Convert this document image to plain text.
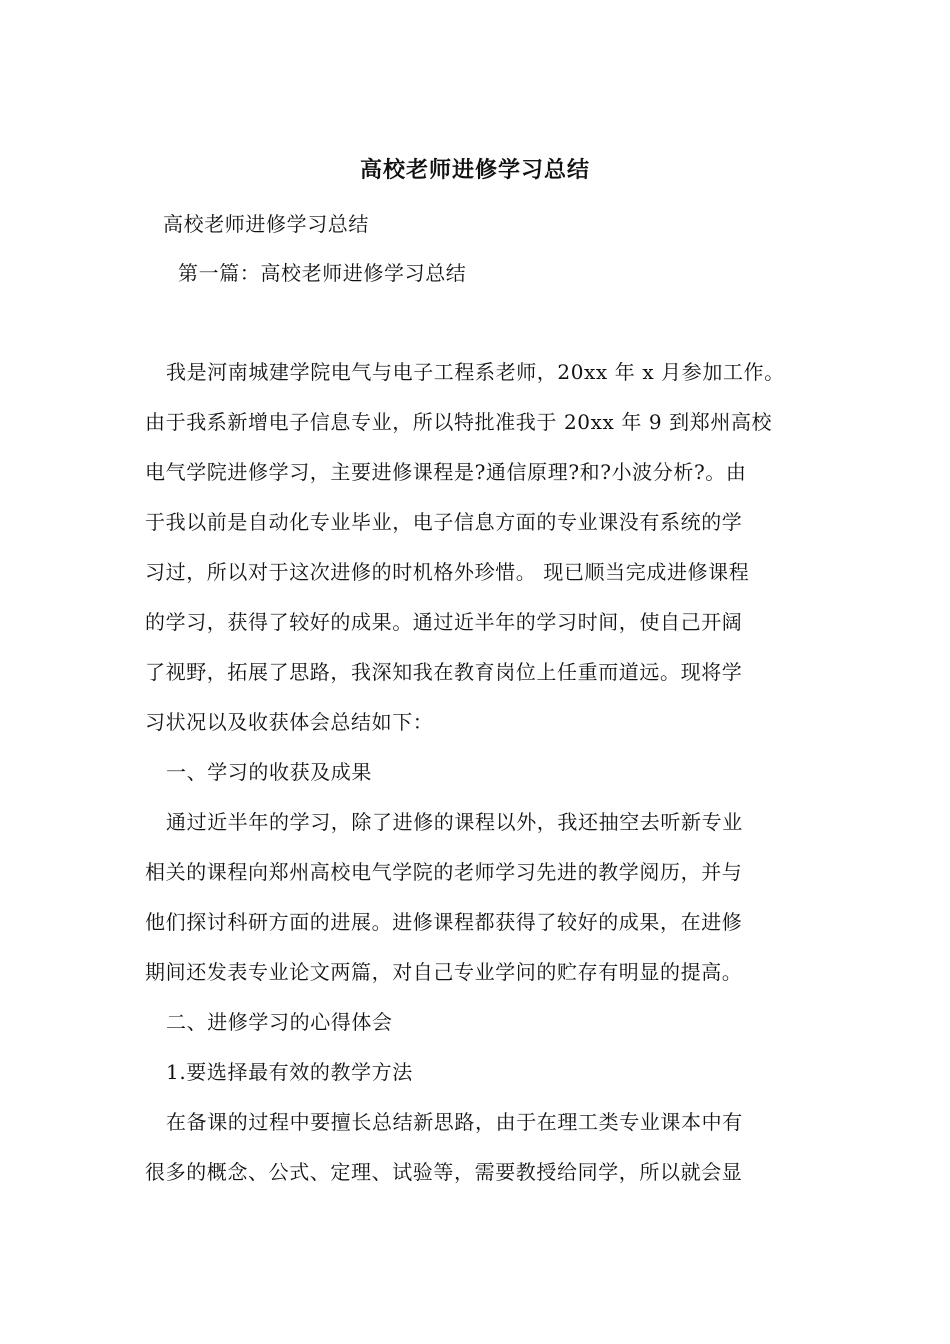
高校老师进修学习总结
高校老师进修学习总结
第一篇：高校老师进修学习总结
我是河南城建学院电气与电子工程系老师，20xx 年 x 月参加工作。
由于我系新增电子信息专业，所以特批准我于 20xx 年 9 到郑州高校
电气学院进修学习，主要进修课程是?通信原理?和?小波分析?。由
于我以前是自动化专业毕业，电子信息方面的专业课没有系统的学
习过，所以对于这次进修的时机格外珍惜。 现已顺当完成进修课程
的学习，获得了较好的成果。通过近半年的学习时间，使自己开阔
了视野，拓展了思路，我深知我在教育岗位上任重而道远。现将学
习状况以及收获体会总结如下：
一、学习的收获及成果
通过近半年的学习，除了进修的课程以外，我还抽空去听新专业
相关的课程向郑州高校电气学院的老师学习先进的教学阅历，并与
他们探讨科研方面的进展。进修课程都获得了较好的成果，在进修
期间还发表专业论文两篇，对自己专业学问的贮存有明显的提高。
二、进修学习的心得体会
1.要选择最有效的教学方法
在备课的过程中要擅长总结新思路，由于在理工类专业课本中有
很多的概念、公式、定理、试验等，需要教授给同学，所以就会显
